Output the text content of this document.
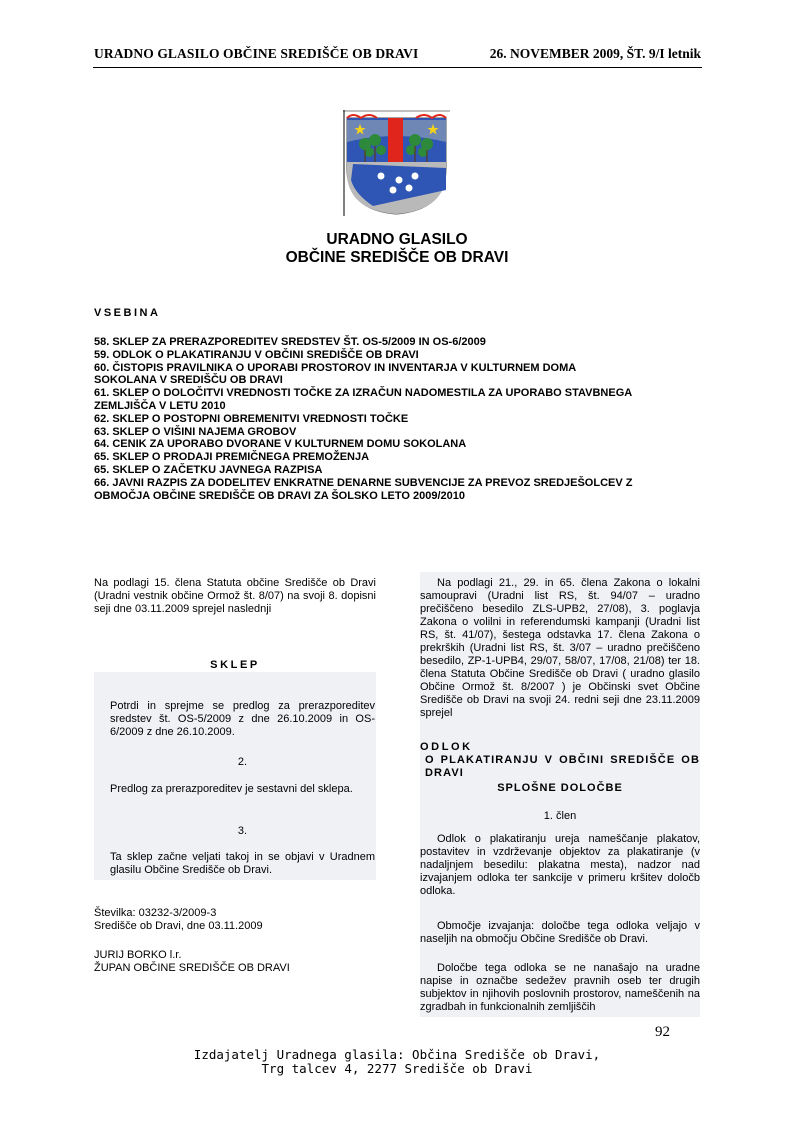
URADNO GLASILO OBČINE SREDIŠČE OB DRAVI	26. NOVEMBER 2009, ŠT. 9/I letnik
URADNO GLASILO
OBČINE SREDIŠČE OB DRAVI
VSEBINA
58. SKLEP ZA PRERAZPOREDITEV SREDSTEV ŠT. OS-5/2009 IN OS-6/2009
59. ODLOK O PLAKATIRANJU V OBČINI SREDIŠČE OB DRAVI
60. ČISTOPIS PRAVILNIKA O UPORABI PROSTOROV IN INVENTARJA V KULTURNEM DOMA
SOKOLANA V SREDIŠČU OB DRAVI
61. SKLEP O DOLOČITVI VREDNOSTI TOČKE ZA IZRAČUN NADOMESTILA ZA UPORABO STAVBNEGA
ZEMLJIŠČA V LETU 2010
62. SKLEP O POSTOPNI OBREMENITVI VREDNOSTI TOČKE
63. SKLEP O VIŠINI NAJEMA GROBOV
64. CENIK ZA UPORABO DVORANE V KULTURNEM DOMU SOKOLANA
65. SKLEP O PRODAJI PREMIČNEGA PREMOŽENJA
65. SKLEP O ZAČETKU JAVNEGA RAZPISA
66. JAVNI RAZPIS ZA DODELITEV ENKRATNE DENARNE SUBVENCIJE ZA PREVOZ SREDJEŠOLCEV Z
OBMOČJA OBČINE SREDIŠČE OB DRAVI ZA ŠOLSKO LETO 2009/2010
Na podlagi 15. člena Statuta občine Središče ob Dravi (Uradni vestnik občine Ormož št. 8/07) na svoji 8. dopisni seji dne 03.11.2009 sprejel naslednji
SKLEP
Potrdi in sprejme se predlog za prerazporeditev sredstev št. OS-5/2009 z dne 26.10.2009 in OS-6/2009 z dne 26.10.2009.
2.
Predlog za prerazporeditev je sestavni del sklepa.
3.
Ta sklep začne veljati takoj in se objavi v Uradnem glasilu Občine Središče ob Dravi.
Številka: 03232-3/2009-3
Središče ob Dravi, dne 03.11.2009
JURIJ BORKO l.r.
ŽUPAN OBČINE SREDIŠČE OB DRAVI
Na podlagi 21., 29. in 65. člena Zakona o lokalni samoupravi (Uradni list RS, št. 94/07 – uradno prečiščeno besedilo ZLS-UPB2, 27/08), 3. poglavja Zakona o volilni in referendumski kampanji (Uradni list RS, št. 41/07), šestega odstavka 17. člena Zakona o prekrških (Uradni list RS, št. 3/07 – uradno prečiščeno besedilo, ZP-1-UPB4, 29/07, 58/07, 17/08, 21/08) ter 18. člena Statuta Občine Središče ob Dravi ( uradno glasilo Občine Ormož št. 8/2007 ) je Občinski svet Občine Središče ob Dravi na svoji 24. redni seji dne 23.11.2009 sprejel
ODLOK
O PLAKATIRANJU V OBČINI SREDIŠČE OB DRAVI
SPLOŠNE DOLOČBE
1. člen
Odlok o plakatiranju ureja nameščanje plakatov, postavitev in vzdrževanje objektov za plakatiranje (v nadaljnjem besedilu: plakatna mesta), nadzor nad izvajanjem odloka ter sankcije v primeru kršitev določb odloka.
Območje izvajanja: določbe tega odloka veljajo v naseljih na območju Občine Središče ob Dravi.
Določbe tega odloka se ne nanašajo na uradne napise in označbe sedežev pravnih oseb ter drugih subjektov in njihovih poslovnih prostorov, nameščenih na zgradbah in funkcionalnih zemljiščih
92
Izdajatelj Uradnega glasila: Občina Središče ob Dravi,
Trg talcev 4, 2277 Središče ob Dravi
